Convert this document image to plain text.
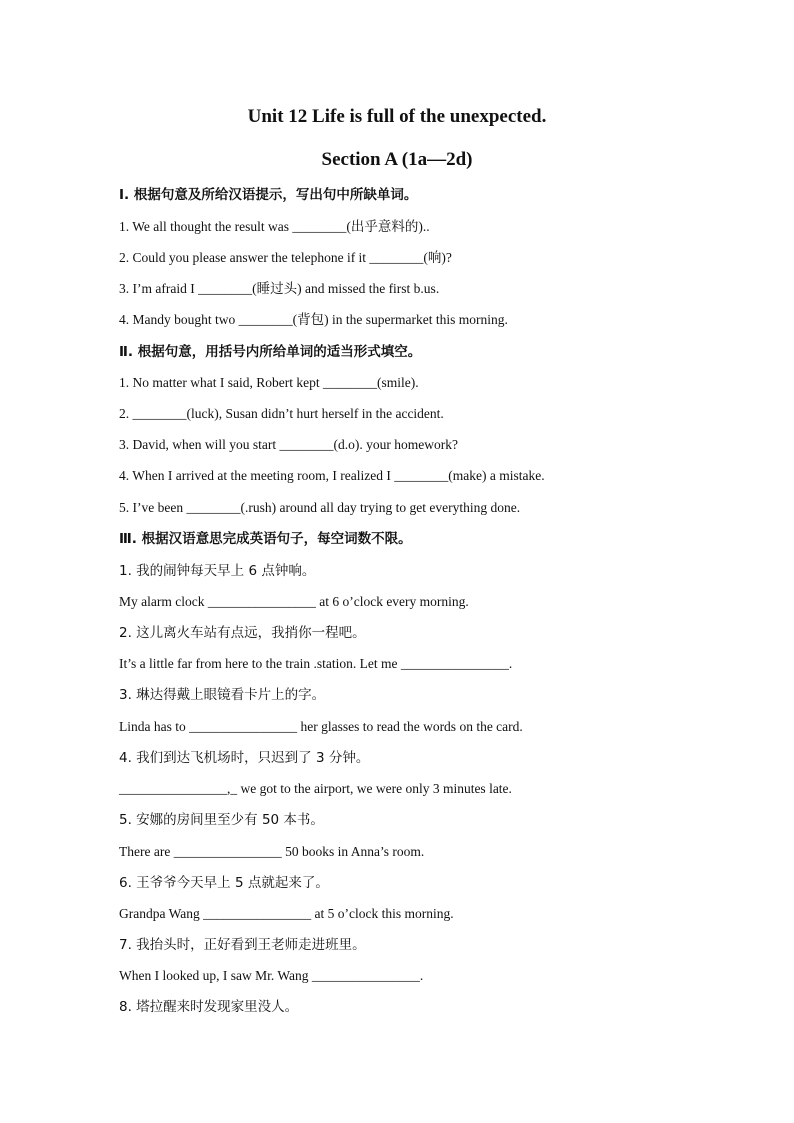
Unit 12 Life is full of the unexpected.
Section A (1a—2d)
Ⅰ. 根据句意及所给汉语提示，写出句中所缺单词。
1. We all thought the result was ________(出乎意料的)..
2. Could you please answer the telephone if it ________(响)?
3. I’m afraid I ________(睡过头) and missed the first b.us.
4. Mandy bought two ________(背包) in the supermarket this morning.
Ⅱ. 根据句意，用括号内所给单词的适当形式填空。
1. No matter what I said, Robert kept ________(smile).
2. ________(luck), Susan didn’t hurt herself in the accident.
3. David, when will you start ________(d.o). your homework?
4. When I arrived at the meeting room, I realized I ________(make) a mistake.
5. I’ve been ________(.rush) around all day trying to get everything done.
Ⅲ. 根据汉语意思完成英语句子，每空词数不限。
1. 我的闹钟每天早上 6 点钟响。
My alarm clock ________________ at 6 o’clock every morning.
2. 这儿离火车站有点远，我捎你一程吧。
It’s a little far from here to the train .station. Let me ________________.
3. 琳达得戴上眼镜看卡片上的字。
Linda has to ________________ her glasses to read the words on the card.
4. 我们到达飞机场时，只迟到了 3 分钟。
________________,_ we got to the airport, we were only 3 minutes late.
5. 安娜的房间里至少有 50 本书。
There are ________________ 50 books in Anna’s room.
6. 王爷爷今天早上 5 点就起来了。
Grandpa Wang ________________ at 5 o’clock this morning.
7. 我抬头时，正好看到王老师走进班里。
When I looked up, I saw Mr. Wang ________________.
8. 塔拉醒来时发现家里没人。
